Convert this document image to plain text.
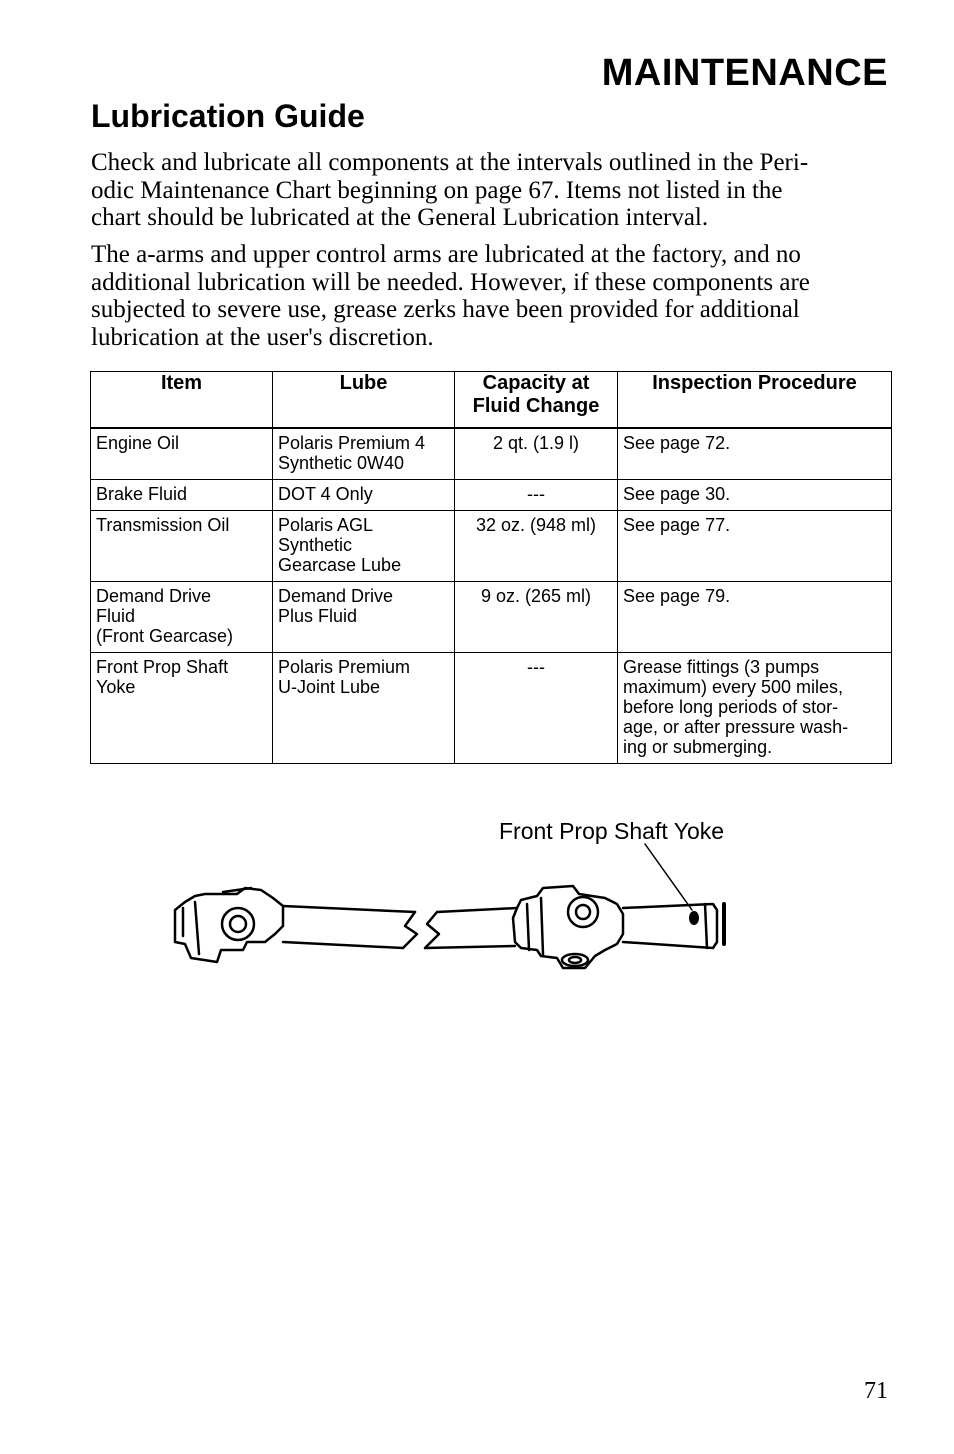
MAINTENANCE
Lubrication Guide
Check and lubricate all components at the intervals outlined in the Peri-
odic Maintenance Chart beginning on page 67. Items not listed in the
chart should be lubricated at the General Lubrication interval.
The a-arms and upper control arms are lubricated at the factory, and no
additional lubrication will be needed. However, if these components are
subjected to severe use, grease zerks have been provided for additional
lubrication at the user's discretion.
Item	Lube	Capacity at
Fluid Change	Inspection Procedure

Engine Oil	Polaris Premium 4
Synthetic 0W40	2 qt. (1.9 l)	See page 72.

Brake Fluid	DOT 4 Only	---	See page 30.

Transmission Oil	Polaris AGL
Synthetic
Gearcase Lube	32 oz. (948 ml)	See page 77.

Demand Drive
Fluid
(Front Gearcase)	Demand Drive
Plus Fluid	9 oz. (265 ml)	See page 79.

Front Prop Shaft
Yoke	Polaris Premium
U-Joint Lube	---	Grease fittings (3 pumps
maximum) every 500 miles,
before long periods of stor-
age, or after pressure wash-
ing or submerging.
Front Prop Shaft Yoke
71
